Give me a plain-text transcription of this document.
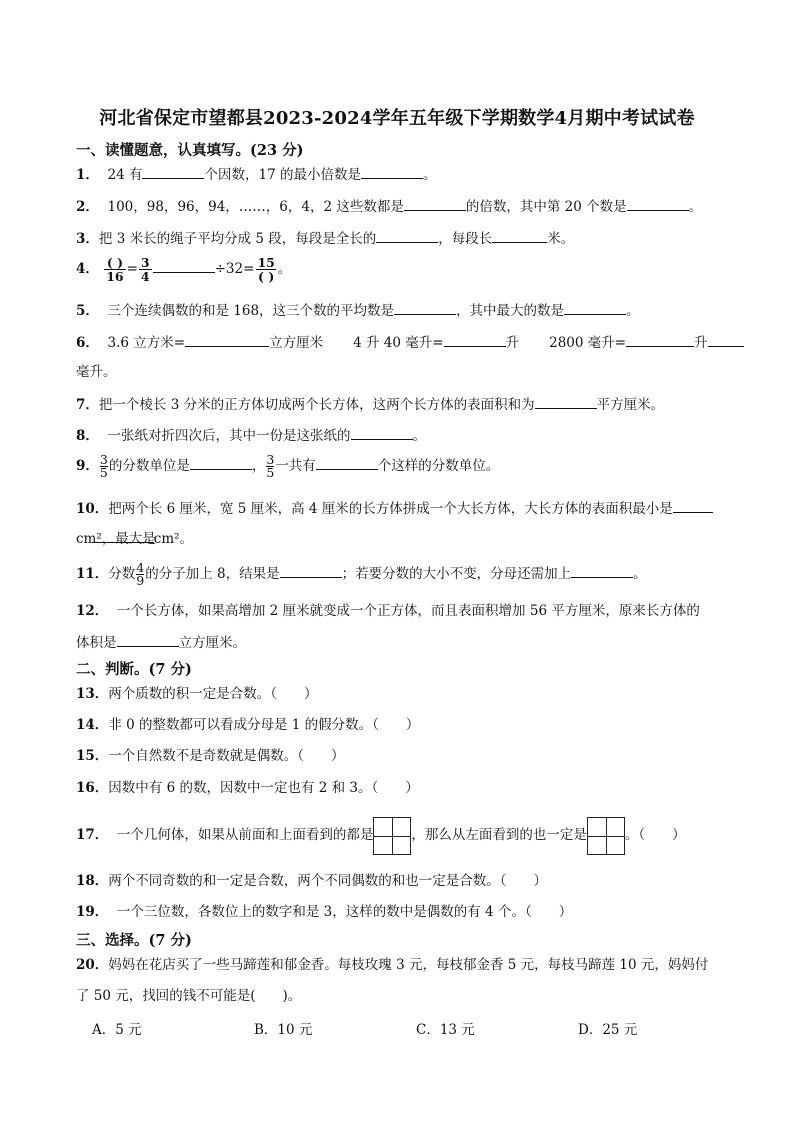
河北省保定市望都县2023-2024学年五年级下学期数学4月期中考试试卷
一、读懂题意，认真填写。(23 分)
1． 24 有	个因数，17 的最小倍数是	。
2． 100，98，96，94，……，6，4，2 这些数都是	的倍数，其中第 20 个数是	。
3．把 3 米长的绳子平均分成 5 段，每段是全长的	，每段长	米。
4． $\frac{( )}{16} = \frac{3}{4}$	$\div 32= \frac{15}{( )}$ 。
5． 三个连续偶数的和是 168，这三个数的平均数是	，其中最大的数是	。
6． 3.6 立方米=	立方厘米 4 升 40 毫升=	升 2800 毫升=	升
毫升。
7．把一个棱长 3 分米的正方体切成两个长方体，这两个长方体的表面积和为	平方厘米。
8． 一张纸对折四次后，其中一份是这张纸的	。
9． $\frac{3}{5}$ 的分数单位是	， $\frac{3}{5}$ 一共有	个这样的分数单位。
10．把两个长 6 厘米，宽 5 厘米，高 4 厘米的长方体拼成一个大长方体，大长方体的表面积最小是
cm²，最大是cm²。
11．分数 $\frac{4}{9}$ 的分子加上 8，结果是	；若要分数的大小不变，分母还需加上	。
12． 一个长方体，如果高增加 2 厘米就变成一个正方体，而且表面积增加 56 平方厘米，原来长方体的
体积是	立方厘米。
二、判断。(7 分)
13．两个质数的积一定是合数。（　　）
14．非 0 的整数都可以看成分母是 1 的假分数。（　　）
15．一个自然数不是奇数就是偶数。（　　）
16．因数中有 6 的数，因数中一定也有 2 和 3。（　　）
17． 一个几何体，如果从前面和上面看到的都是	，那么从左面看到的也一定是	。（　　）
18．两个不同奇数的和一定是合数，两个不同偶数的和也一定是合数。（　　）
19． 一个三位数，各数位上的数字和是 3，这样的数中是偶数的有 4 个。（　　）
三、选择。(7 分)
20．妈妈在花店买了一些马蹄莲和郁金香。每枝玫瑰 3 元，每枝郁金香 5 元，每枝马蹄莲 10 元，妈妈付
了 50 元，找回的钱不可能是(　　)。
A．5 元	B．10 元	C．13 元	D．25 元
